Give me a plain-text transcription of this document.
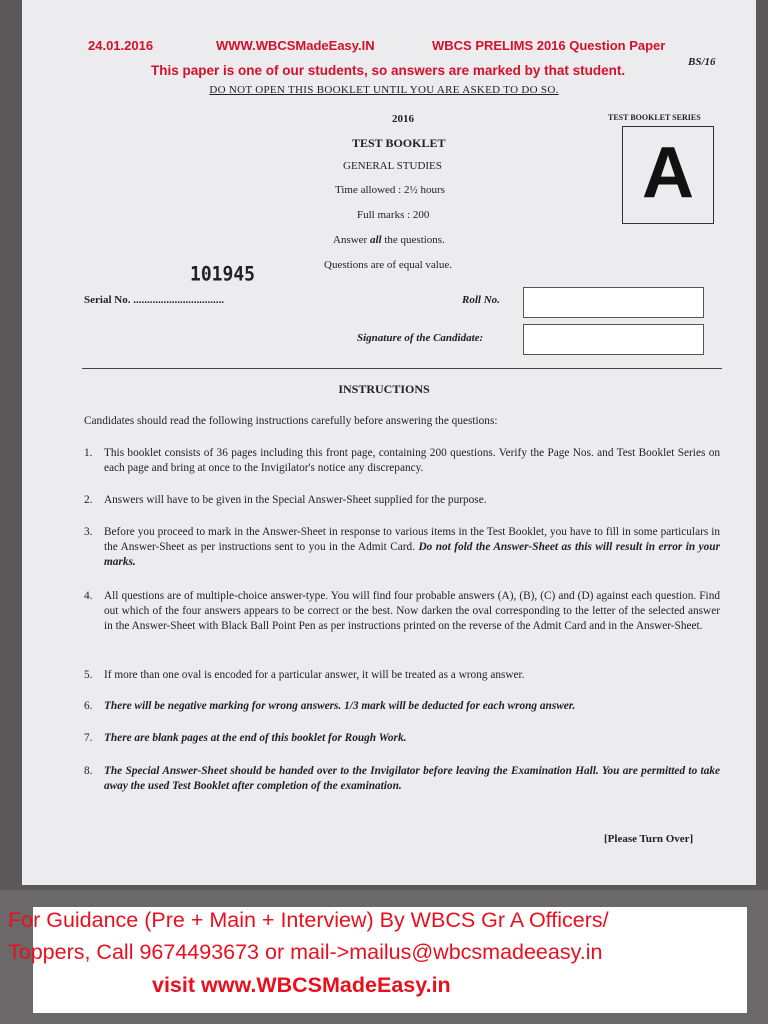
24.01.2016	WWW.WBCSMadeEasy.IN	WBCS PRELIMS 2016 Question Paper
BS/16
This paper is one of our students, so answers are marked by that student.
DO NOT OPEN THIS BOOKLET UNTIL YOU ARE ASKED TO DO SO.
2016
TEST BOOKLET
GENERAL STUDIES
Time allowed : 2½ hours
Full marks : 200
Answer all the questions.
Questions are of equal value.
TEST BOOKLET SERIES
A
101945
Serial No. .................................	Roll No.
Signature of the Candidate:
INSTRUCTIONS
Candidates should read the following instructions carefully before answering the questions:
1. This booklet consists of 36 pages including this front page, containing 200 questions. Verify the Page Nos. and Test Booklet Series on each page and bring at once to the Invigilator's notice any discrepancy.
2. Answers will have to be given in the Special Answer-Sheet supplied for the purpose.
3. Before you proceed to mark in the Answer-Sheet in response to various items in the Test Booklet, you have to fill in some particulars in the Answer-Sheet as per instructions sent to you in the Admit Card. Do not fold the Answer-Sheet as this will result in error in your marks.
4. All questions are of multiple-choice answer-type. You will find four probable answers (A), (B), (C) and (D) against each question. Find out which of the four answers appears to be correct or the best. Now darken the oval corresponding to the letter of the selected answer in the Answer-Sheet with Black Ball Point Pen as per instructions printed on the reverse of the Admit Card and in the Answer-Sheet.
5. If more than one oval is encoded for a particular answer, it will be treated as a wrong answer.
6. There will be negative marking for wrong answers. 1/3 mark will be deducted for each wrong answer.
7. There are blank pages at the end of this booklet for Rough Work.
8. The Special Answer-Sheet should be handed over to the Invigilator before leaving the Examination Hall. You are permitted to take away the used Test Booklet after completion of the examination.
[Please Turn Over]
For Guidance (Pre + Main + Interview) By WBCS Gr A Officers/
Toppers, Call 9674493673 or mail->mailus@wbcsmadeeasy.in
visit www.WBCSMadeEasy.in
